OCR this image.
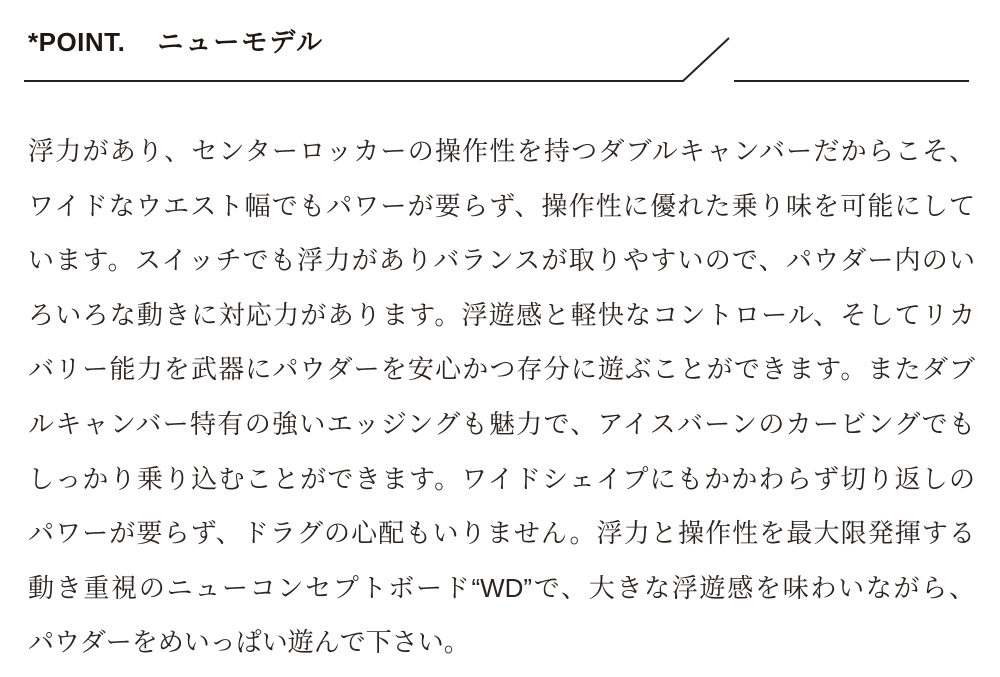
*POINT. ニューモデル
浮力があり、センターロッカーの操作性を持つダブルキャンバーだからこそ、
ワイドなウエスト幅でもパワーが要らず、操作性に優れた乗り味を可能にして
います。スイッチでも浮力がありバランスが取りやすいので、パウダー内のい
ろいろな動きに対応力があります。浮遊感と軽快なコントロール、そしてリカ
バリー能力を武器にパウダーを安心かつ存分に遊ぶことができます。またダブ
ルキャンバー特有の強いエッジングも魅力で、アイスバーンのカービングでも
しっかり乗り込むことができます。ワイドシェイプにもかかわらず切り返しの
パワーが要らず、ドラグの心配もいりません。浮力と操作性を最大限発揮する
動き重視のニューコンセプトボード“WD”で、大きな浮遊感を味わいながら、
パウダーをめいっぱい遊んで下さい。
